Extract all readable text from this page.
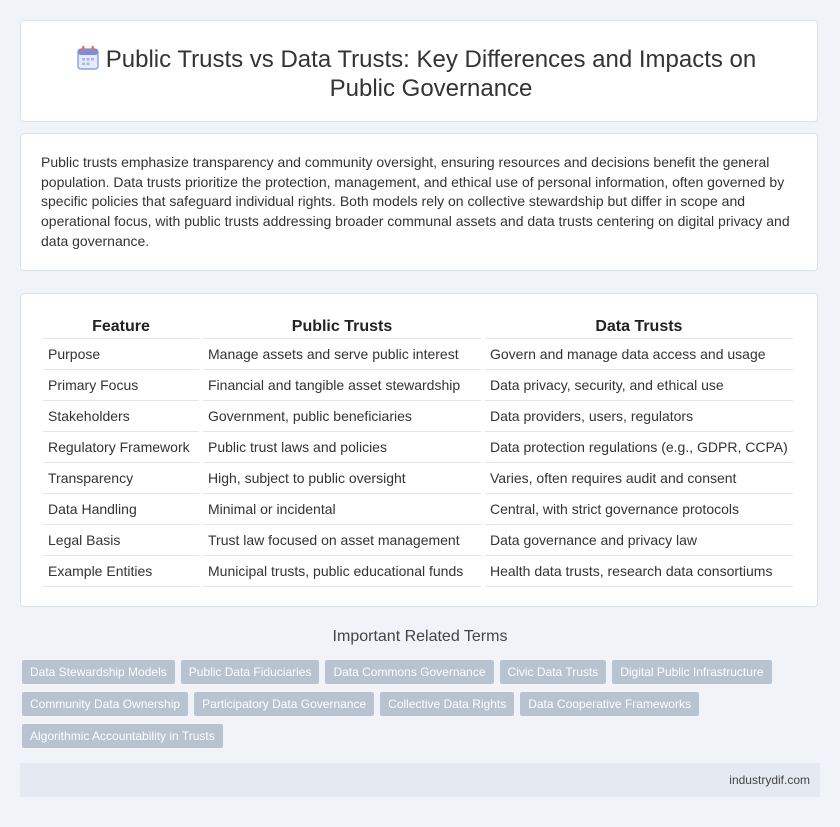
Public Trusts vs Data Trusts: Key Differences and Impacts on Public Governance

Public trusts emphasize transparency and community oversight, ensuring resources and decisions benefit the general population. Data trusts prioritize the protection, management, and ethical use of personal information, often governed by specific policies that safeguard individual rights. Both models rely on collective stewardship but differ in scope and operational focus, with public trusts addressing broader communal assets and data trusts centering on digital privacy and data governance.

Feature		Public Trusts		Data Trusts
Purpose		Manage assets and serve public interest		Govern and manage data access and usage
Primary Focus		Financial and tangible asset stewardship		Data privacy, security, and ethical use
Stakeholders		Government, public beneficiaries		Data providers, users, regulators
Regulatory Framework		Public trust laws and policies		Data protection regulations (e.g., GDPR, CCPA)
Transparency		High, subject to public oversight		Varies, often requires audit and consent
Data Handling		Minimal or incidental		Central, with strict governance protocols
Legal Basis		Trust law focused on asset management		Data governance and privacy law
Example Entities		Municipal trusts, public educational funds		Health data trusts, research data consortiums
Important Related Terms
Data Stewardship Models Public Data Fiduciaries Data Commons Governance Civic Data Trusts Digital Public InfrastructureCommunity Data Ownership Participatory Data Governance Collective Data Rights Data Cooperative FrameworksAlgorithmic Accountability in Trusts
industrydif.com
